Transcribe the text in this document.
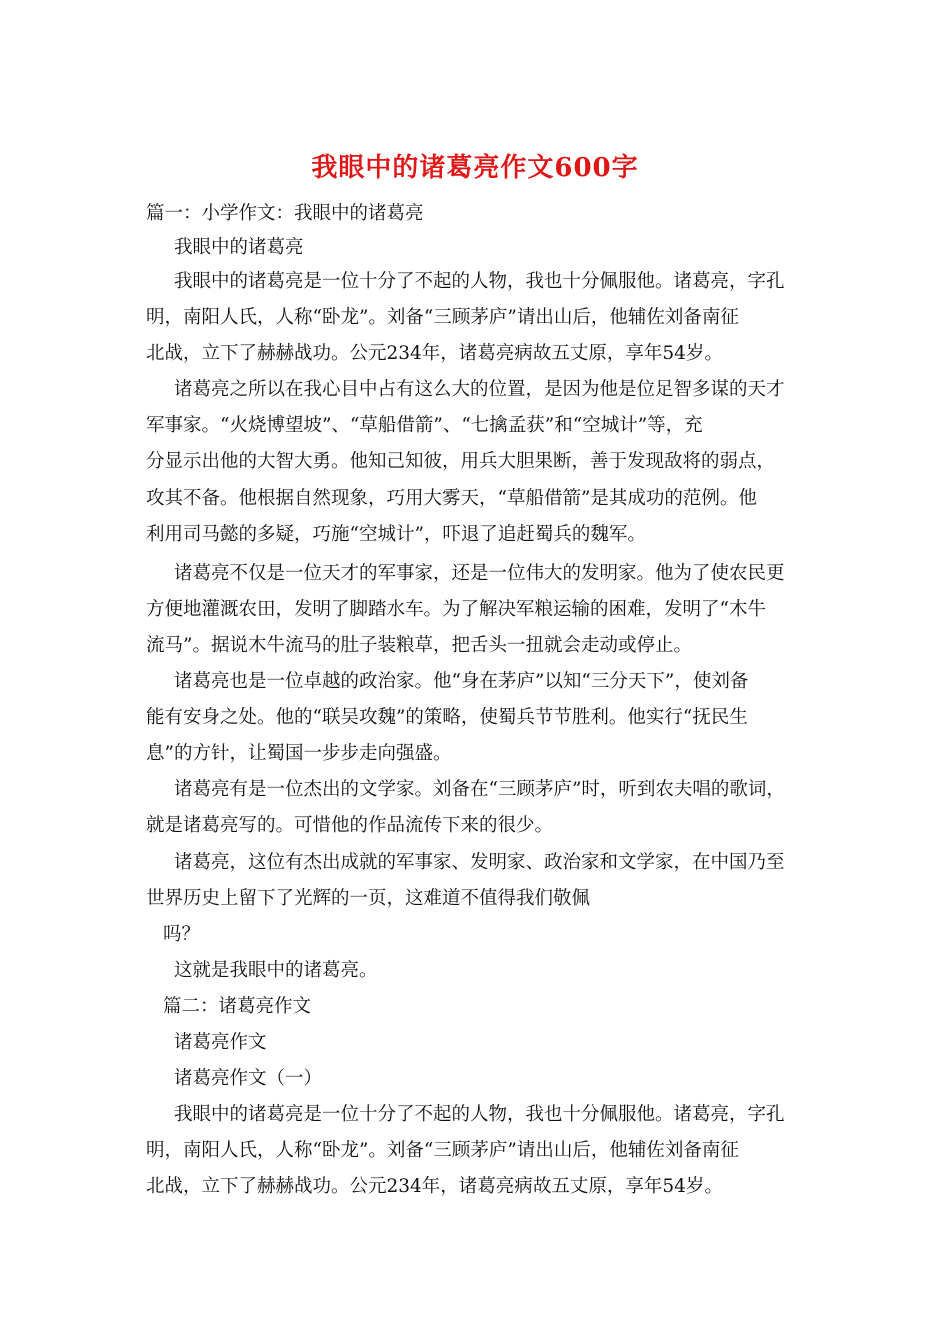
我眼中的诸葛亮作文600字
篇一：小学作文：我眼中的诸葛亮
我眼中的诸葛亮
我眼中的诸葛亮是一位十分了不起的人物，我也十分佩服他。诸葛亮，字孔
明，南阳人氏，人称“卧龙”。刘备“三顾茅庐”请出山后，他辅佐刘备南征
北战，立下了赫赫战功。公元234年，诸葛亮病故五丈原，享年54岁。
诸葛亮之所以在我心目中占有这么大的位置，是因为他是位足智多谋的天才
军事家。“火烧博望坡”、“草船借箭”、“七擒孟获”和“空城计”等，充
分显示出他的大智大勇。他知己知彼，用兵大胆果断，善于发现敌将的弱点，
攻其不备。他根据自然现象，巧用大雾天，“草船借箭”是其成功的范例。他
利用司马懿的多疑，巧施“空城计”，吓退了追赶蜀兵的魏军。
诸葛亮不仅是一位天才的军事家，还是一位伟大的发明家。他为了使农民更
方便地灌溉农田，发明了脚踏水车。为了解决军粮运输的困难，发明了“木牛
流马”。据说木牛流马的肚子装粮草，把舌头一扭就会走动或停止。
诸葛亮也是一位卓越的政治家。他“身在茅庐”以知“三分天下”，使刘备
能有安身之处。他的“联吴攻魏”的策略，使蜀兵节节胜利。他实行“抚民生
息”的方针，让蜀国一步步走向强盛。
诸葛亮有是一位杰出的文学家。刘备在“三顾茅庐”时，听到农夫唱的歌词，
就是诸葛亮写的。可惜他的作品流传下来的很少。
诸葛亮，这位有杰出成就的军事家、发明家、政治家和文学家，在中国乃至
世界历史上留下了光辉的一页，这难道不值得我们敬佩
吗？
这就是我眼中的诸葛亮。
篇二：诸葛亮作文
诸葛亮作文
诸葛亮作文（一）
我眼中的诸葛亮是一位十分了不起的人物，我也十分佩服他。诸葛亮，字孔
明，南阳人氏，人称“卧龙”。刘备“三顾茅庐”请出山后，他辅佐刘备南征
北战，立下了赫赫战功。公元234年，诸葛亮病故五丈原，享年54岁。
